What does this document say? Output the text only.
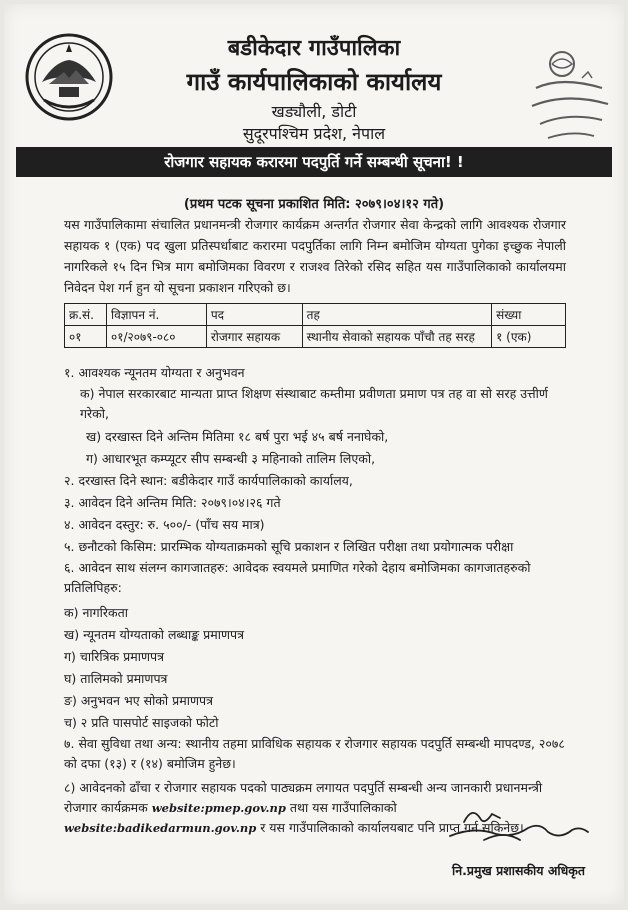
बडीकेदार गाउँपालिका
गाउँ कार्यपालिकाको कार्यालय
खड्यौली, डोटी
सुदूरपश्चिम प्रदेश, नेपाल
रोजगार सहायक करारमा पदपुर्ति गर्ने सम्बन्धी सूचना! !
(प्रथम पटक सूचना प्रकाशित मिति: २०७९।०४।१२ गते)
यस गाउँपालिकामा संचालित प्रधानमन्त्री रोजगार कार्यक्रम अन्तर्गत रोजगार सेवा केन्द्रको लागि आवश्यक रोजगार सहायक १ (एक) पद खुला प्रतिस्पर्धाबाट करारमा पदपुर्तिका लागि निम्न बमोजिम योग्यता पुगेका इच्छुक नेपाली नागरिकले १५ दिन भित्र माग बमोजिमका विवरण र राजश्व तिरेको रसिद सहित यस गाउँपालिकाको कार्यालयमा निवेदन पेश गर्न हुन यो सूचना प्रकाशन गरिएको छ।
क्र.सं.	विज्ञापन नं.	पद	तह	संख्या
०१	०१/२०७९-०८०	रोजगार सहायक	स्थानीय सेवाको सहायक पाँचौ तह सरह	१ (एक)
१. आवश्यक न्यूनतम योग्यता र अनुभवन
क) नेपाल सरकारबाट मान्यता प्राप्त शिक्षण संस्थाबाट कम्तीमा प्रवीणता प्रमाण पत्र तह वा सो सरह उत्तीर्ण गरेको,
ख) दरखास्त दिने अन्तिम मितिमा १८ बर्ष पुरा भई ४५ बर्ष ननाघेको,
ग) आधारभूत कम्प्यूटर सीप सम्बन्धी ३ महिनाको तालिम लिएको,
२. दरखास्त दिने स्थान: बडीकेदार गाउँ कार्यपालिकाको कार्यालय,
३. आवेदन दिने अन्तिम मिति: २०७९।०४।२६ गते
४. आवेदन दस्तुर: रु. ५००/- (पाँच सय मात्र)
५. छनौटको किसिम: प्रारम्भिक योग्यताक्रमको सूचि प्रकाशन र लिखित परीक्षा तथा प्रयोगात्मक परीक्षा
६. आवेदन साथ संलग्न कागजातहरु: आवेदक स्वयमले प्रमाणित गरेको देहाय बमोजिमका कागजातहरुको प्रतिलिपिहरु:
क) नागरिकता
ख) न्यूनतम योग्यताको लब्धाङ्क प्रमाणपत्र
ग) चारित्रिक प्रमाणपत्र
घ) तालिमको प्रमाणपत्र
ङ) अनुभवन भए सोको प्रमाणपत्र
च) २ प्रति पासपोर्ट साइजको फोटो
७. सेवा सुविधा तथा अन्य: स्थानीय तहमा प्राविधिक सहायक र रोजगार सहायक पदपुर्ति सम्बन्धी मापदण्ड, २०७८ को दफा (१३) र (१४) बमोजिम हुनेछ।
८) आवेदनको ढाँचा र रोजगार सहायक पदको पाठ्यक्रम लगायत पदपुर्ति सम्बन्धी अन्य जानकारी प्रधानमन्त्री रोजगार कार्यक्रमक website:pmep.gov.np तथा यस गाउँपालिकाको website:badikedarmun.gov.np र यस गाउँपालिकाको कार्यालयबाट पनि प्राप्त गर्न सकिनेछ।
नि.प्रमुख प्रशासकीय अधिकृत
